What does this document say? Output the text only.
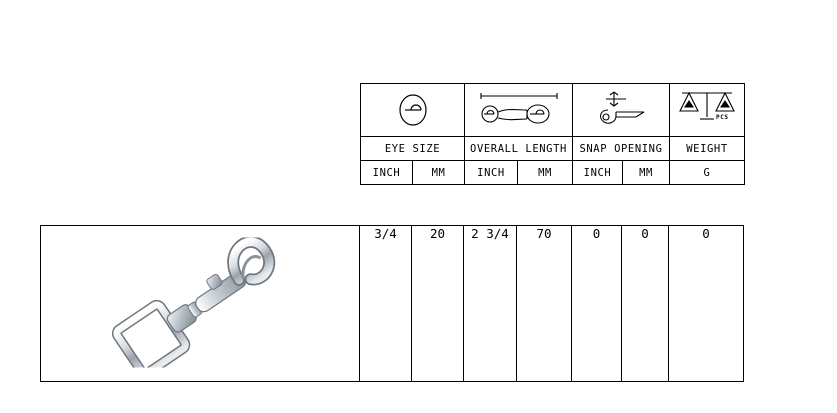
PCS

EYE SIZE		OVERALL LENGTH		SNAP OPENING		WEIGHT
INCH	MM	INCH	MM	INCH	MM	G
	3/4	20	2 3/4	70	0	0	0
